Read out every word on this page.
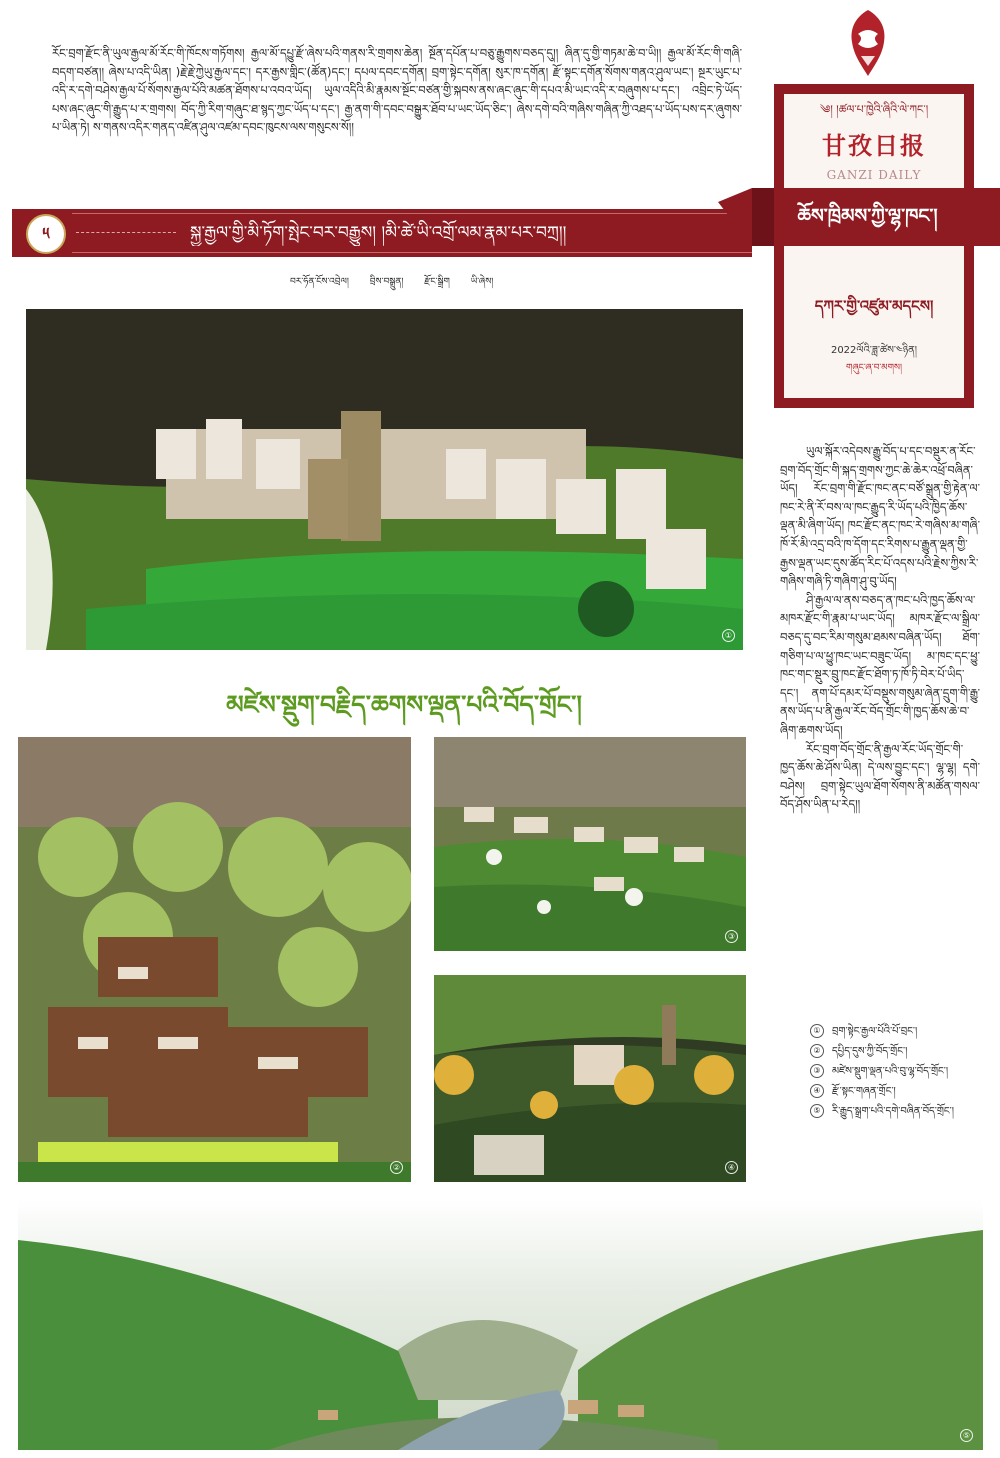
རོང་བྲག་རྫོང་ནི་ཡུལ་རྒྱལ་མོ་རོང་གི་ཁོངས་གཏོགས། རྒྱལ་མོ་དཔྱུ་རྫོ་ཞེས་པའི་གནས་རི་གྲགས་ཆེན། སྔོན་དཔོན་པ་བཅུ་རྒྱུགས་བཅད་དུ།། ཞིན་དུ་གྱི་གཏམ་ཆེ་བ་ཡི།། རྒྱལ་མོ་རོང་གི་གཞི་བདག་བཙན།། ཞེས་པ་འདི་ཡིན། )རྗེ་རྗེ་ཀྱེཡུ་རྒྱལ་དང་། དར་རྒྱས་གླིང་(ཚོན)དང་། དཔལ་དབང་དགོན། བྲག་སྟེང་དགོན། སུར་ཁ་དགོན། རྫོ་སྟང་དགོན་སོགས་གནའ་ཤུལ་ཡང་། སྔར་ཡུང་པ་འདི་ར་དགེ་བཤེས་རྒྱལ་པོ་སོགས་རྒྱལ་པོའི་མཚན་ཐོགས་པ་འབའ་ཡོད། ཡུལ་འདིའི་མི་རྣམས་སྔོང་བཙན་གྱི་སྐབས་ནས་ཞང་ཞུང་གི་དཔའ་མི་ཡང་འདི་ར་བཞུགས་པ་དང་། འབྲིང་ཏེ་ཡོད་པས་ཞང་ཞུང་གི་རྒྱུད་པ་ར་གྲགས། བོད་ཀྱི་རིག་གཞུང་ཐ་སྙད་ཀྱང་ཡོད་པ་དང་། རྒྱ་ནག་གི་དབང་བསྒྱུར་ཐོབ་པ་ཡང་ཡོད་ཅིང་། ཞེས་དགེ་བའི་གཞིས་གཞིན་ཀྱི་འཐད་པ་ཡོད་པས་དར་ཞུགས་པ་ཡིན་ཏེ། ས་གནས་འདིར་གནད་འཛིན་ཤུལ་འཛམ་དབང་ཁུངས་ལས་གསུངས་སོ།།
༥	སྐྱ་རྒྱལ་གྱི་མི་ཏོག་སྤེང་བར་བརྒྱུས། །མི་ཚེ་ཡི་འགྲོ་ལམ་རྣམ་པར་བཀྲ།།
༄། །ཚལ་པ་ཁྱེའི་ཞིའི་ལེ་ཀང་།
甘孜日报
GANZI DAILY
ཆོས་ཁྲིམས་ཀྱི་ལྷ་ཁང་།
དཀར་གྱི་འཛུམ་མདངས།
2022ལོའི་ཟླ་ཚེས་༤ཉིན།
གཞུང་ཞ་བ་མགས།
བར་ཧོན་ངོས་འབྲེལ། བྲིས་བསྒྲུན། རྫོང་སྒྲིག ཡི་ཞེས།
①
མཛེས་སྡུག་བརྗིད་ཆགས་ལྡན་པའི་བོད་གྲོང་།
②
③
④
⑤

ཡུལ་སྐོར་འདེབས་རྒྱུ་བོད་པ་དང་བསྡུར་ན་རོང་བྲག་བོད་གྲོང་གི་སྐད་གྲགས་ཀྱང་ཆེ་ཆེར་འཕྲོ་བཞིན་ཡོད། རོང་བྲག་གི་རྫོང་ཁང་ནང་བཙོ་སྒྲུན་གྱི་རྟེན་ལ་ཁང་རེ་ནི་རོ་བས་ལ་ཁང་རྒྱུད་རི་ཡོད་པའི་ཁྱིད་ཆོས་ལྡན་མི་ཞིག་ཡོད། ཁང་རྫོང་ནང་ཁང་རེ་གཞིས་མ་གཞི་ཁོ་རོ་མི་འདྲ་བའི་ཁ་དོག་དང་རིགས་པ་རྒྱུན་ལྡན་གྱི་རྒྱས་ལྡན་ཡང་དུས་ཚོད་རིང་པོ་འདས་པའི་རྗེས་ཀྱིས་རི་གཞིས་གཞི་ཏི་གཞིག་ཤུ་བུ་ཡོད།

ཤི་རྒྱལ་ལ་ནས་བཅད་ན་ཁང་པའི་ཁྱད་ཆོས་ལ་མཁར་རྫོང་གི་རྣམ་པ་ཡང་ཡོད། མཁར་རྫོང་ལ་སྒྲིལ་བཅད་དུ་བང་རིམ་གསུམ་ཐམས་བཞིན་ཡོད། ཐོག་གཅིག་པ་ལ་ཕྱུ་ཁང་ཡང་བཟུང་ཡོད། མ་ཁང་དང་ཕྱུ་ཁང་གང་སྡུར་བྲུ་ཁང་རྫོང་ཐོག་ཏ་ཁོ་ཏི་བེར་པོ་ཡིད་དང་། ནག་པོ་དམར་པོ་བསྡུས་གསུམ་ཞེན་དྲུག་གི་རྒྱུ་ནས་ཡོད་པ་ནི་རྒྱལ་རོང་བོད་གྲོང་གི་ཁྱད་ཆོས་ཆེ་བ་ཞིག་ཆགས་ཡོད།

རོང་བྲག་བོད་གྲོང་ནི་རྒྱལ་རོང་ཡོད་གྲོང་གི་ཁྱད་ཆོས་ཆེ་ཤོས་ཡིན། དེ་ལས་བྱུང་དང་། ལྷ་ལྷ། དགེ་བཤེས། བྲག་སྟེང་ཡུལ་ཐོག་སོགས་ནི་མཚོན་གསལ་བོད་ཤོས་ཡིན་པ་རེད།།

① བྲག་སྟེང་རྒྱལ་པོའི་པོ་བྲང་།
② དཔྱིད་དུས་ཀྱི་བོད་གྲོང་།
③ མཛེས་སྡུག་ལྡན་པའི་བུ་ལྷ་བོད་གྲོང་།
④ རྫོ་སྟང་གཞན་གྲོང་།
⑤ རི་རྒྱུད་སྒྲག་པའི་དགེ་བཞིན་བོད་གྲོང་།
